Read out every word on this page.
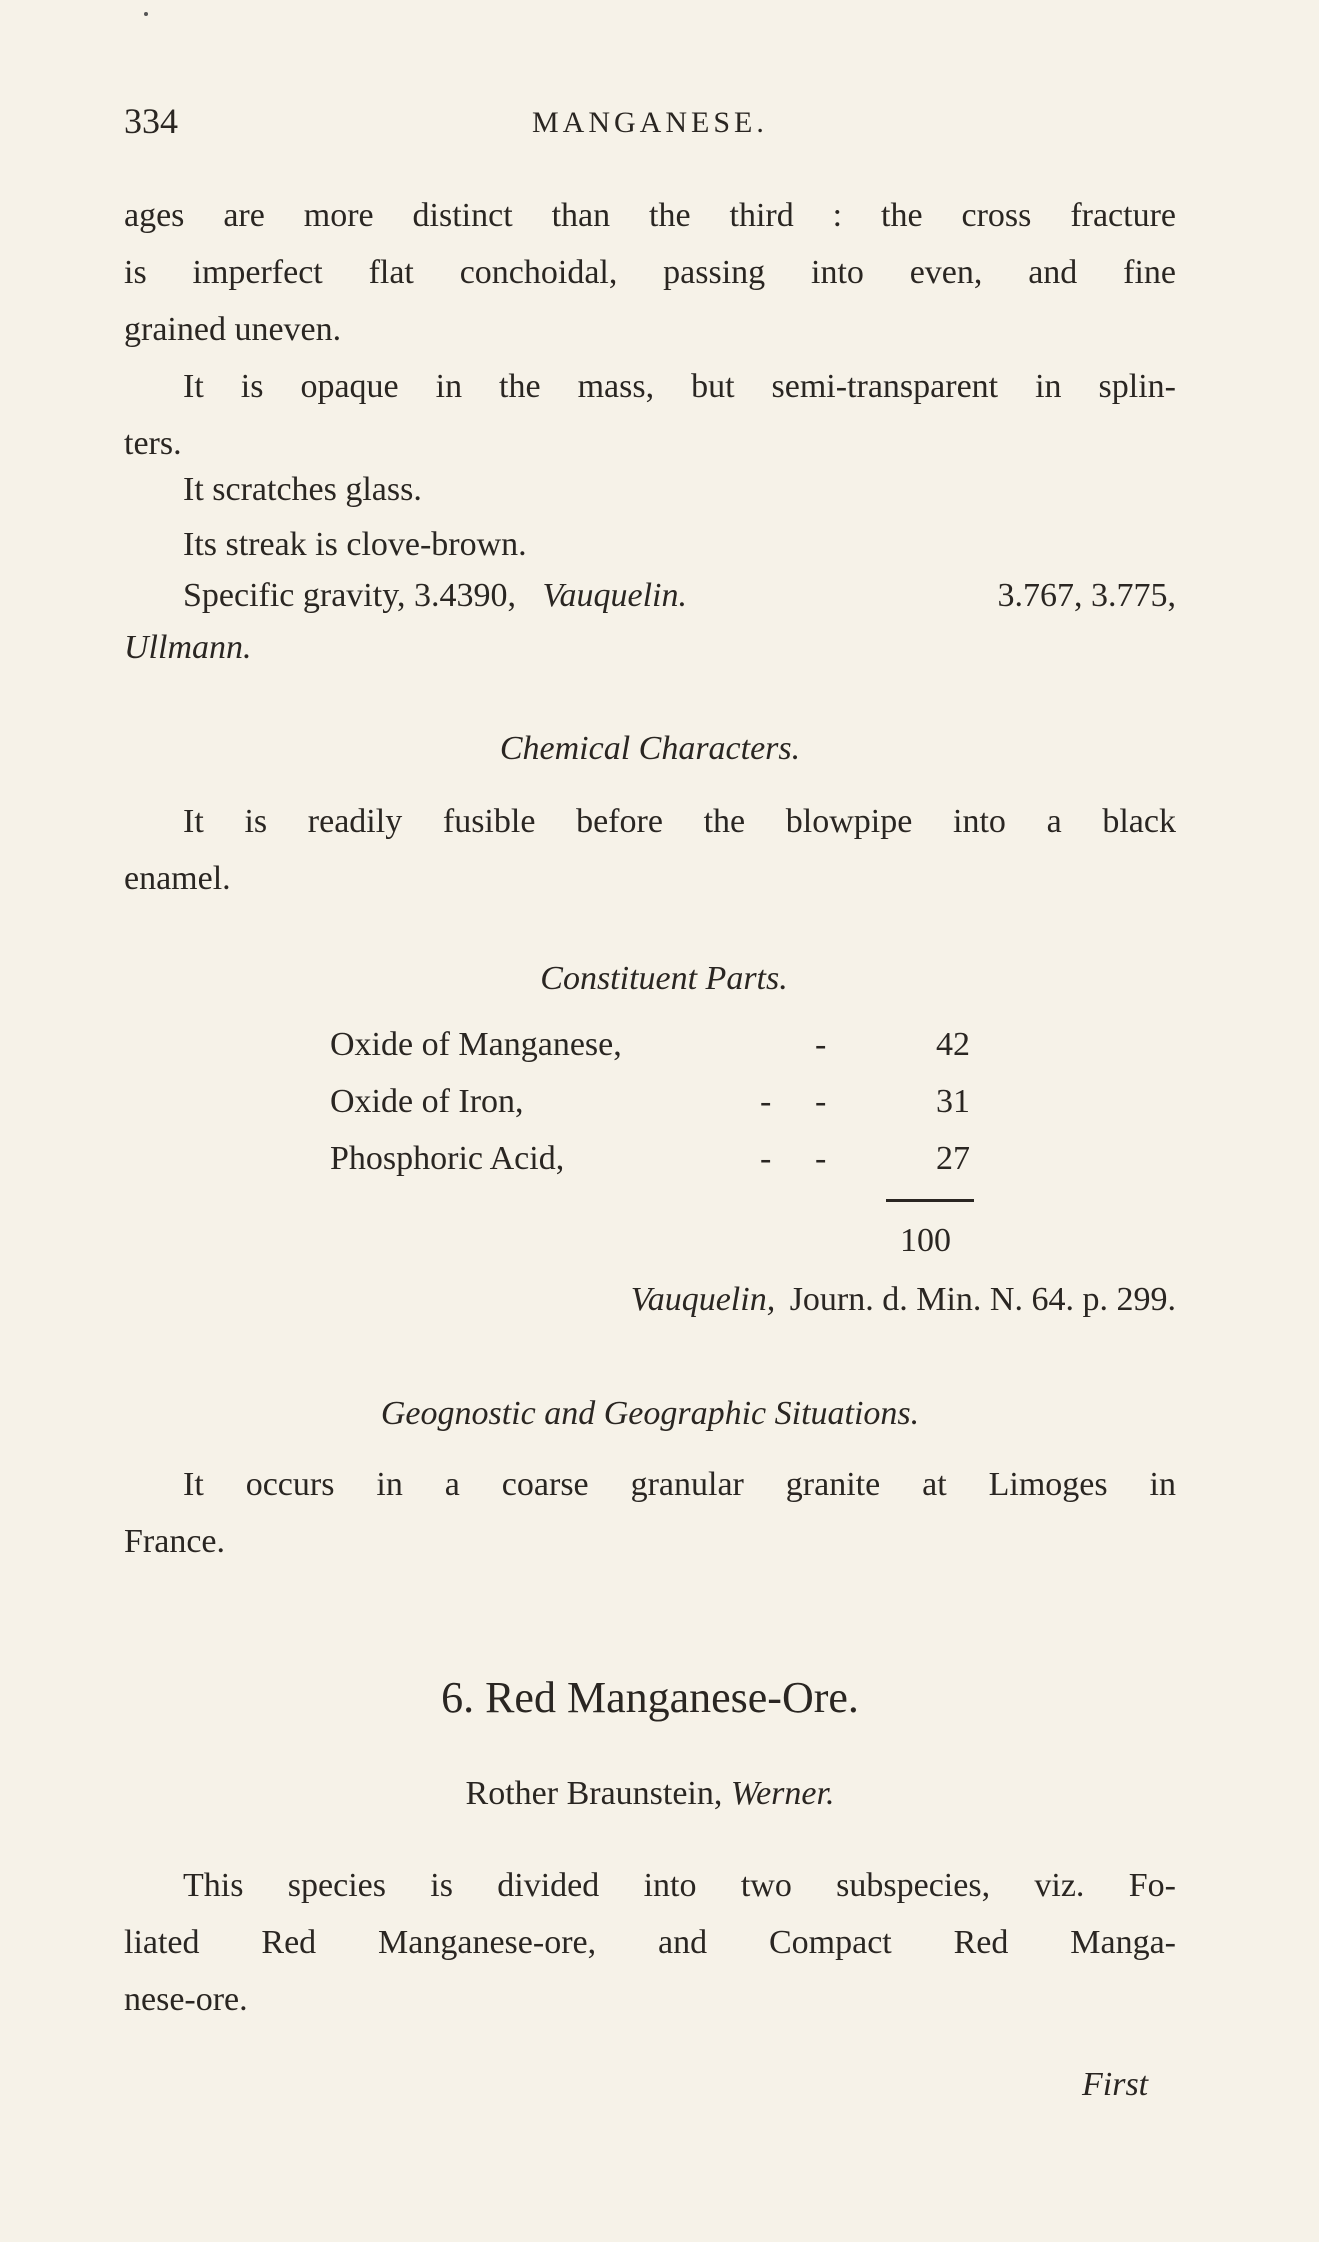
334	MANGANESE.
ages are more distinct than the third : the cross fracture
is imperfect flat conchoidal, passing into even, and fine
grained uneven.
It is opaque in the mass, but semi-transparent in splin-
ters.
It scratches glass.
Its streak is clove-brown.
Specific gravity, 3.4390, Vauquelin.	3.767, 3.775,
Ullmann.
Chemical Characters.
It is readily fusible before the blowpipe into a black
enamel.
Constituent Parts.
Oxide of Manganese,	-	42
Oxide of Iron,	- -	31
Phosphoric Acid,	- -	27
100
Vauquelin, Journ. d. Min. N. 64. p. 299.
Geognostic and Geographic Situations.
It occurs in a coarse granular granite at Limoges in
France.
6. Red Manganese-Ore.
Rother Braunstein, Werner.
This species is divided into two subspecies, viz. Fo-
liated Red Manganese-ore, and Compact Red Manga-
nese-ore.
First
